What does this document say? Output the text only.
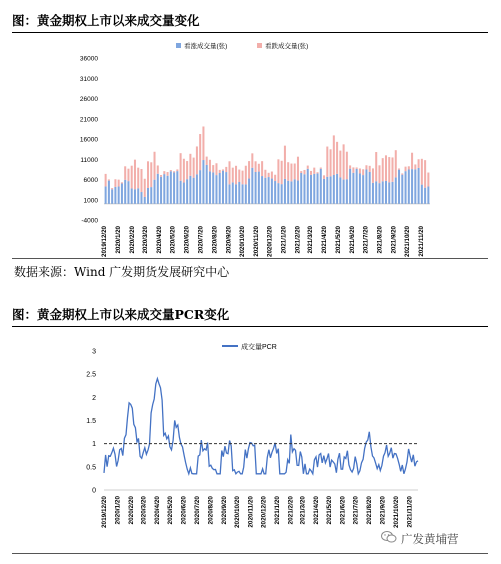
图：黄金期权上市以来成交量变化
-4000
1000
6000
11000
16000
21000
26000
31000
36000
2019/12/20 2020/1/20 2020/2/20 2020/3/20 2020/4/20 2020/5/20 2020/6/20 2020/7/20 2020/8/20 2020/9/20 2020/10/20 2020/11/20 2020/12/20 2021/1/20 2021/2/20 2021/3/20 2021/4/20 2021/5/20 2021/6/20 2021/7/20 2021/8/20 2021/9/20 2021/10/20 2021/11/20
看涨成交量(张)	看跌成交量(张)
数据来源：Wind 广发期货发展研究中心
图：黄金期权上市以来成交量PCR变化
0
0.5
1
1.5
2
2.5
3
2019/12/20 2020/1/20 2020/2/20 2020/3/20 2020/4/20 2020/5/20 2020/6/20 2020/7/20 2020/8/20 2020/9/20 2020/10/20 2020/11/20 2020/12/20 2021/1/20 2021/2/20 2021/3/20 2021/4/20 2021/5/20 2021/6/20 2021/7/20 2021/8/20 2021/9/20 2021/10/20 2021/11/20
成交量PCR
广发黄埔营
